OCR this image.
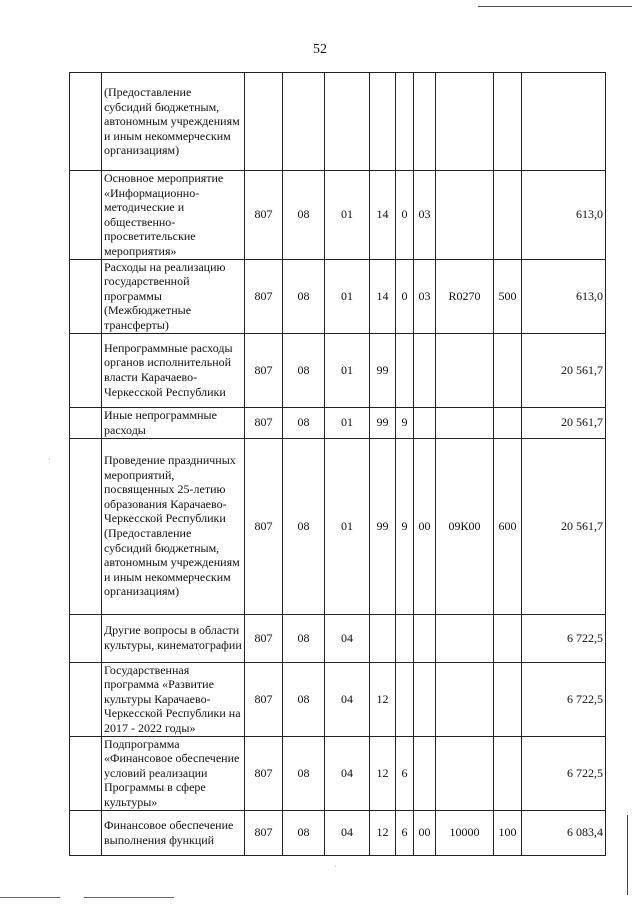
52
	(Предоставление субсидий бюджетным, автономным учреждениям и иным некоммерческим организациям)									
	Основное мероприятие «Информационно-методические и общественно-просветительские мероприятия»	807	08	01	14	0	03			613,0
	Расходы на реализацию государственной программы (Межбюджетные трансферты)	807	08	01	14	0	03	R0270	500	613,0
	Непрограммные расходы органов исполнительной власти Карачаево-Черкесской Республики	807	08	01	99					20 561,7
	Иные непрограммные расходы	807	08	01	99	9				20 561,7
	Проведение праздничных мероприятий, посвященных 25-летию образования Карачаево-Черкесской Республики (Предоставление субсидий бюджетным, автономным учреждениям и иным некоммерческим организациям)	807	08	01	99	9	00	09К00	600	20 561,7
	Другие вопросы в области культуры, кинематографии	807	08	04						6 722,5
	Государственная программа «Развитие культуры Карачаево-Черкесской Республики на 2017 - 2022 годы»	807	08	04	12					6 722,5
	Подпрограмма «Финансовое обеспечение условий реализации Программы в сфере культуры»	807	08	04	12	6				6 722,5
	Финансовое обеспечение выполнения функций	807	08	04	12	6	00	10000	100	6 083,4
·
·
